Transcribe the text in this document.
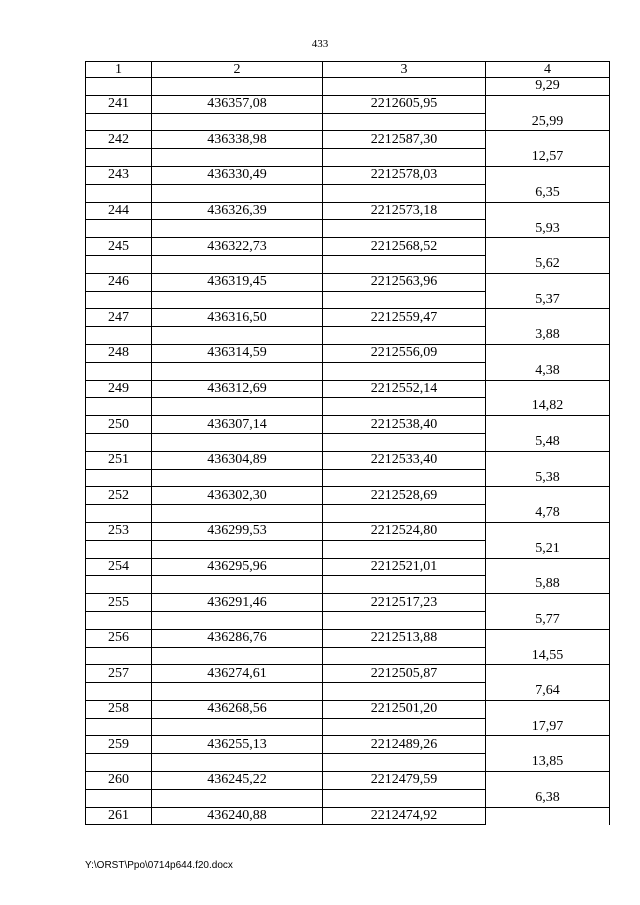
433
1	2	3	4
			9,29
241	436357,08	2212605,95	
			25,99
242	436338,98	2212587,30	
			12,57
243	436330,49	2212578,03	
			6,35
244	436326,39	2212573,18	
			5,93
245	436322,73	2212568,52	
			5,62
246	436319,45	2212563,96	
			5,37
247	436316,50	2212559,47	
			3,88
248	436314,59	2212556,09	
			4,38
249	436312,69	2212552,14	
			14,82
250	436307,14	2212538,40	
			5,48
251	436304,89	2212533,40	
			5,38
252	436302,30	2212528,69	
			4,78
253	436299,53	2212524,80	
			5,21
254	436295,96	2212521,01	
			5,88
255	436291,46	2212517,23	
			5,77
256	436286,76	2212513,88	
			14,55
257	436274,61	2212505,87	
			7,64
258	436268,56	2212501,20	
			17,97
259	436255,13	2212489,26	
			13,85
260	436245,22	2212479,59	
			6,38
261	436240,88	2212474,92	
Y:\ORST\Ppo\0714p644.f20.docx
